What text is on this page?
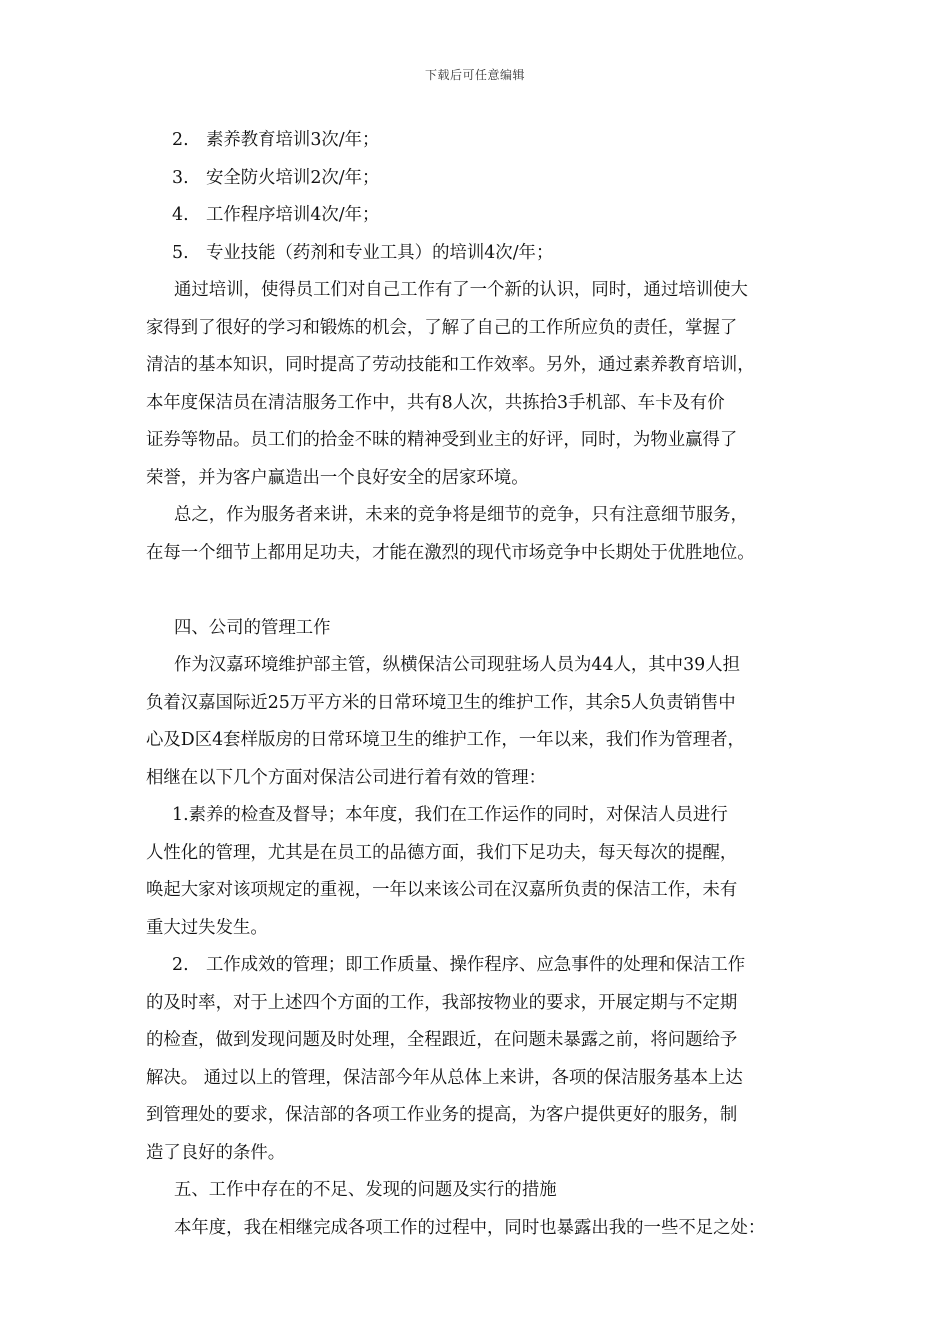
下载后可任意编辑
2.　素养教育培训3次/年；
3.　安全防火培训2次/年；
4.　工作程序培训4次/年；
5.　专业技能（药剂和专业工具）的培训4次/年；
通过培训，使得员工们对自己工作有了一个新的认识，同时，通过培训使大
家得到了很好的学习和锻炼的机会，了解了自己的工作所应负的责任，掌握了
清洁的基本知识，同时提高了劳动技能和工作效率。另外，通过素养教育培训，
本年度保洁员在清洁服务工作中，共有8人次，共拣拾3手机部、车卡及有价
证券等物品。员工们的拾金不昧的精神受到业主的好评，同时，为物业赢得了
荣誉，并为客户赢造出一个良好安全的居家环境。
总之，作为服务者来讲，未来的竞争将是细节的竞争，只有注意细节服务，
在每一个细节上都用足功夫，才能在激烈的现代市场竞争中长期处于优胜地位。
四、公司的管理工作
作为汉嘉环境维护部主管，纵横保洁公司现驻场人员为44人，其中39人担
负着汉嘉国际近25万平方米的日常环境卫生的维护工作，其余5人负责销售中
心及D区4套样版房的日常环境卫生的维护工作，一年以来，我们作为管理者，
相继在以下几个方面对保洁公司进行着有效的管理：
1.素养的检查及督导；本年度，我们在工作运作的同时，对保洁人员进行
人性化的管理，尤其是在员工的品德方面，我们下足功夫，每天每次的提醒，
唤起大家对该项规定的重视，一年以来该公司在汉嘉所负责的保洁工作，未有
重大过失发生。
2.　工作成效的管理；即工作质量、操作程序、应急事件的处理和保洁工作
的及时率，对于上述四个方面的工作，我部按物业的要求，开展定期与不定期
的检查，做到发现问题及时处理，全程跟近，在问题未暴露之前，将问题给予
解决。 通过以上的管理，保洁部今年从总体上来讲，各项的保洁服务基本上达
到管理处的要求，保洁部的各项工作业务的提高，为客户提供更好的服务，制
造了良好的条件。
五、工作中存在的不足、发现的问题及实行的措施
本年度，我在相继完成各项工作的过程中，同时也暴露出我的一些不足之处：
